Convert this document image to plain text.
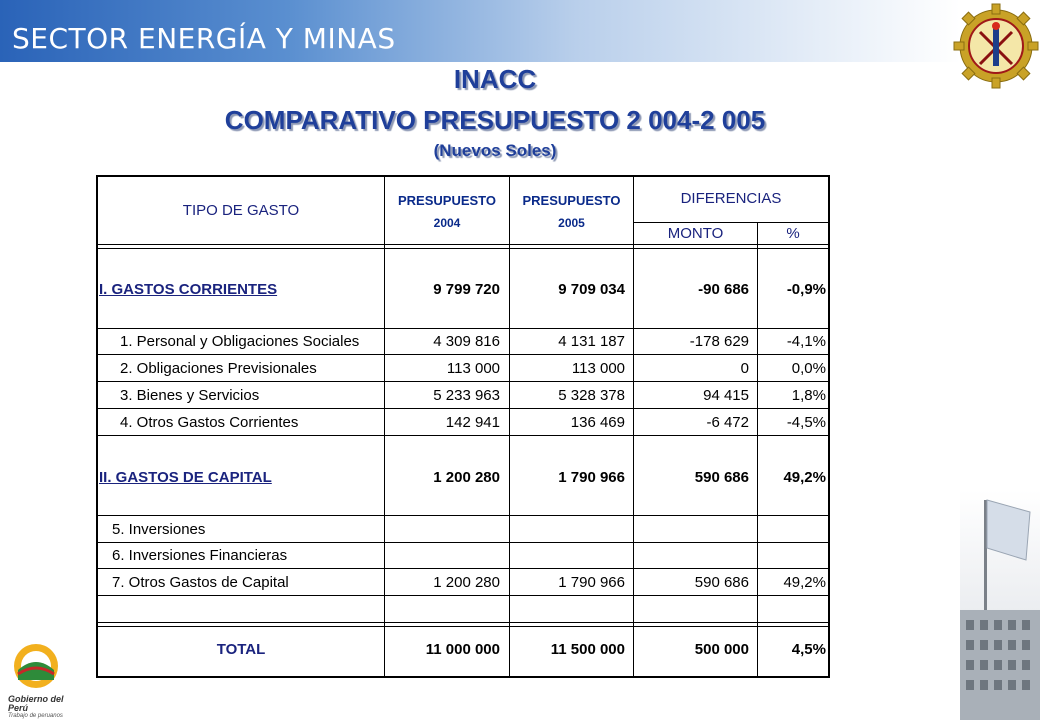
SECTOR ENERGÍA Y MINAS
INACC
COMPARATIVO PRESUPUESTO 2 004-2 005
(Nuevos Soles)
TIPO DE GASTO
PRESUPUESTO
2004
PRESUPUESTO
2005
DIFERENCIAS
MONTO	%
I. GASTOS CORRIENTES	9 799 720	9 709 034	-90 686	-0,9%
1. Personal y Obligaciones Sociales	4 309 816	4 131 187	-178 629	-4,1%
2. Obligaciones Previsionales	113 000	113 000	0	0,0%
3. Bienes y Servicios	5 233 963	5 328 378	94 415	1,8%
4. Otros Gastos Corrientes	142 941	136 469	-6 472	-4,5%
II. GASTOS DE CAPITAL	1 200 280	1 790 966	590 686	49,2%
5. Inversiones
6. Inversiones Financieras
7. Otros Gastos de Capital	1 200 280	1 790 966	590 686	49,2%
TOTAL	11 000 000	11 500 000	500 000	4,5%
Gobierno del Perú
Trabajo de peruanos
